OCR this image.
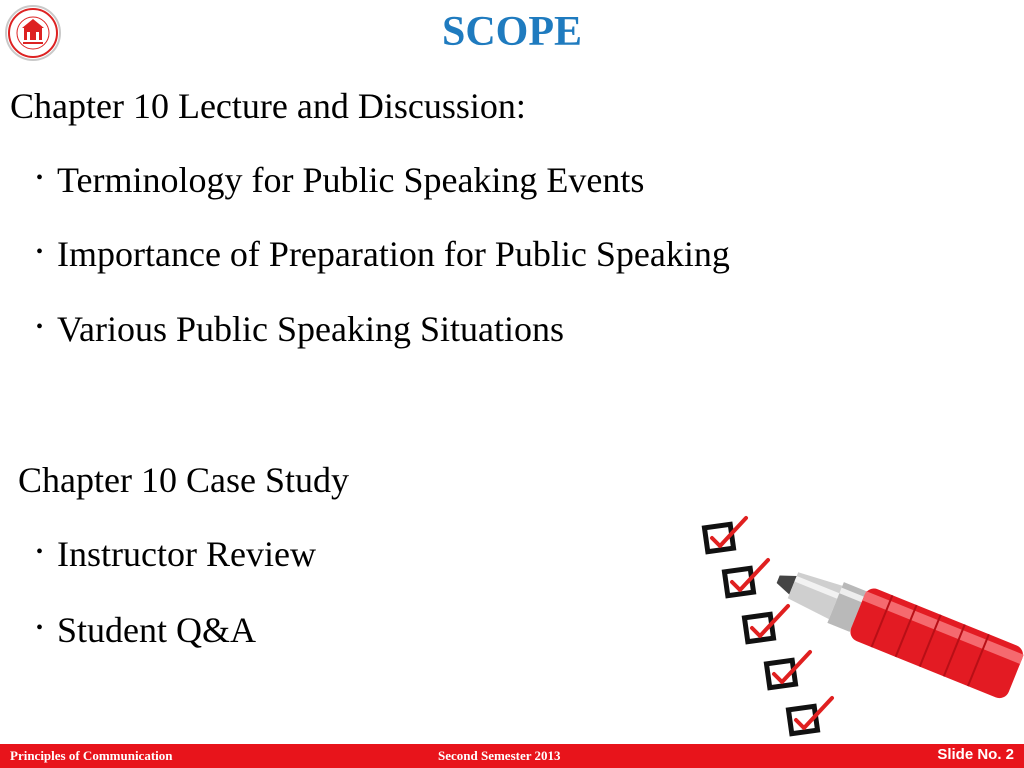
SCOPE
Chapter 10 Lecture and Discussion:
• Terminology for Public Speaking Events
• Importance of Preparation for Public Speaking
• Various Public Speaking Situations
Chapter 10 Case Study
• Instructor Review
• Student Q&A
Principles of Communication	Second Semester 2013	Slide No. 2
